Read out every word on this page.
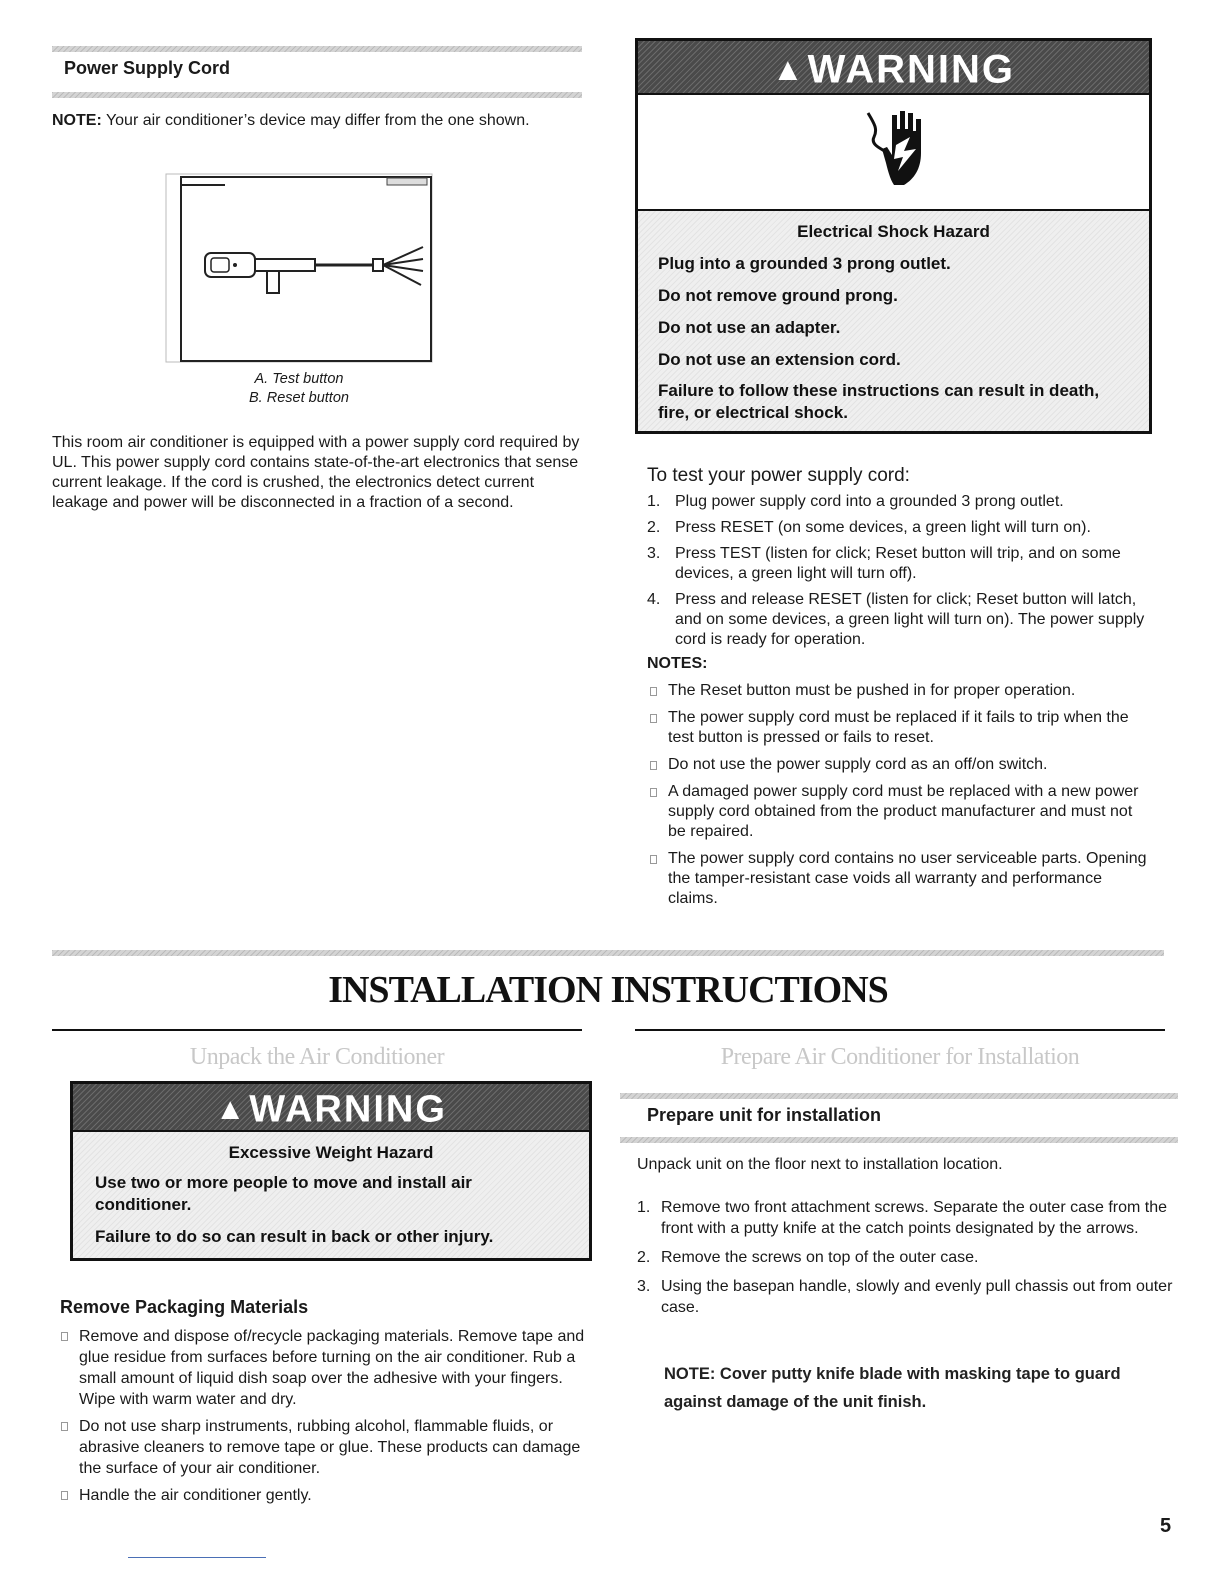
Power Supply Cord
NOTE: Your air conditioner’s device may differ from the one shown.
A. Test button
B. Reset button
This room air conditioner is equipped with a power supply cord required by UL. This power supply cord contains state-of-the-art electronics that sense current leakage. If the cord is crushed, the electronics detect current leakage and power will be disconnected in a fraction of a second.
▲WARNING
Electrical Shock Hazard
Plug into a grounded 3 prong outlet.
Do not remove ground prong.
Do not use an adapter.
Do not use an extension cord.
Failure to follow these instructions can result in death, fire, or electrical shock.
To test your power supply cord:
1. Plug power supply cord into a grounded 3 prong outlet.
2. Press RESET (on some devices, a green light will turn on).
3. Press TEST (listen for click; Reset button will trip, and on some devices, a green light will turn off).
4. Press and release RESET (listen for click; Reset button will latch, and on some devices, a green light will turn on). The power supply cord is ready for operation.
NOTES:
The Reset button must be pushed in for proper operation.
The power supply cord must be replaced if it fails to trip when the test button is pressed or fails to reset.
Do not use the power supply cord as an off/on switch.
A damaged power supply cord must be replaced with a new power supply cord obtained from the product manufacturer and must not be repaired.
The power supply cord contains no user serviceable parts. Opening the tamper-resistant case voids all warranty and performance claims.
INSTALLATION INSTRUCTIONS
Unpack the Air Conditioner	Prepare Air Conditioner for Installation
▲WARNING
Excessive Weight Hazard
Use two or more people to move and install air conditioner.
Failure to do so can result in back or other injury.
Remove Packaging Materials
Remove and dispose of/recycle packaging materials. Remove tape and glue residue from surfaces before turning on the air conditioner. Rub a small amount of liquid dish soap over the adhesive with your fingers. Wipe with warm water and dry.
Do not use sharp instruments, rubbing alcohol, flammable fluids, or abrasive cleaners to remove tape or glue. These products can damage the surface of your air conditioner.
Handle the air conditioner gently.
Prepare unit for installation
Unpack unit on the floor next to installation location.
1. Remove two front attachment screws. Separate the outer case from the front with a putty knife at the catch points designated by the arrows.
2. Remove the screws on top of the outer case.
3. Using the basepan handle, slowly and evenly pull chassis out from outer case.
NOTE: Cover putty knife blade with masking tape to guard against damage of the unit finish.
5
